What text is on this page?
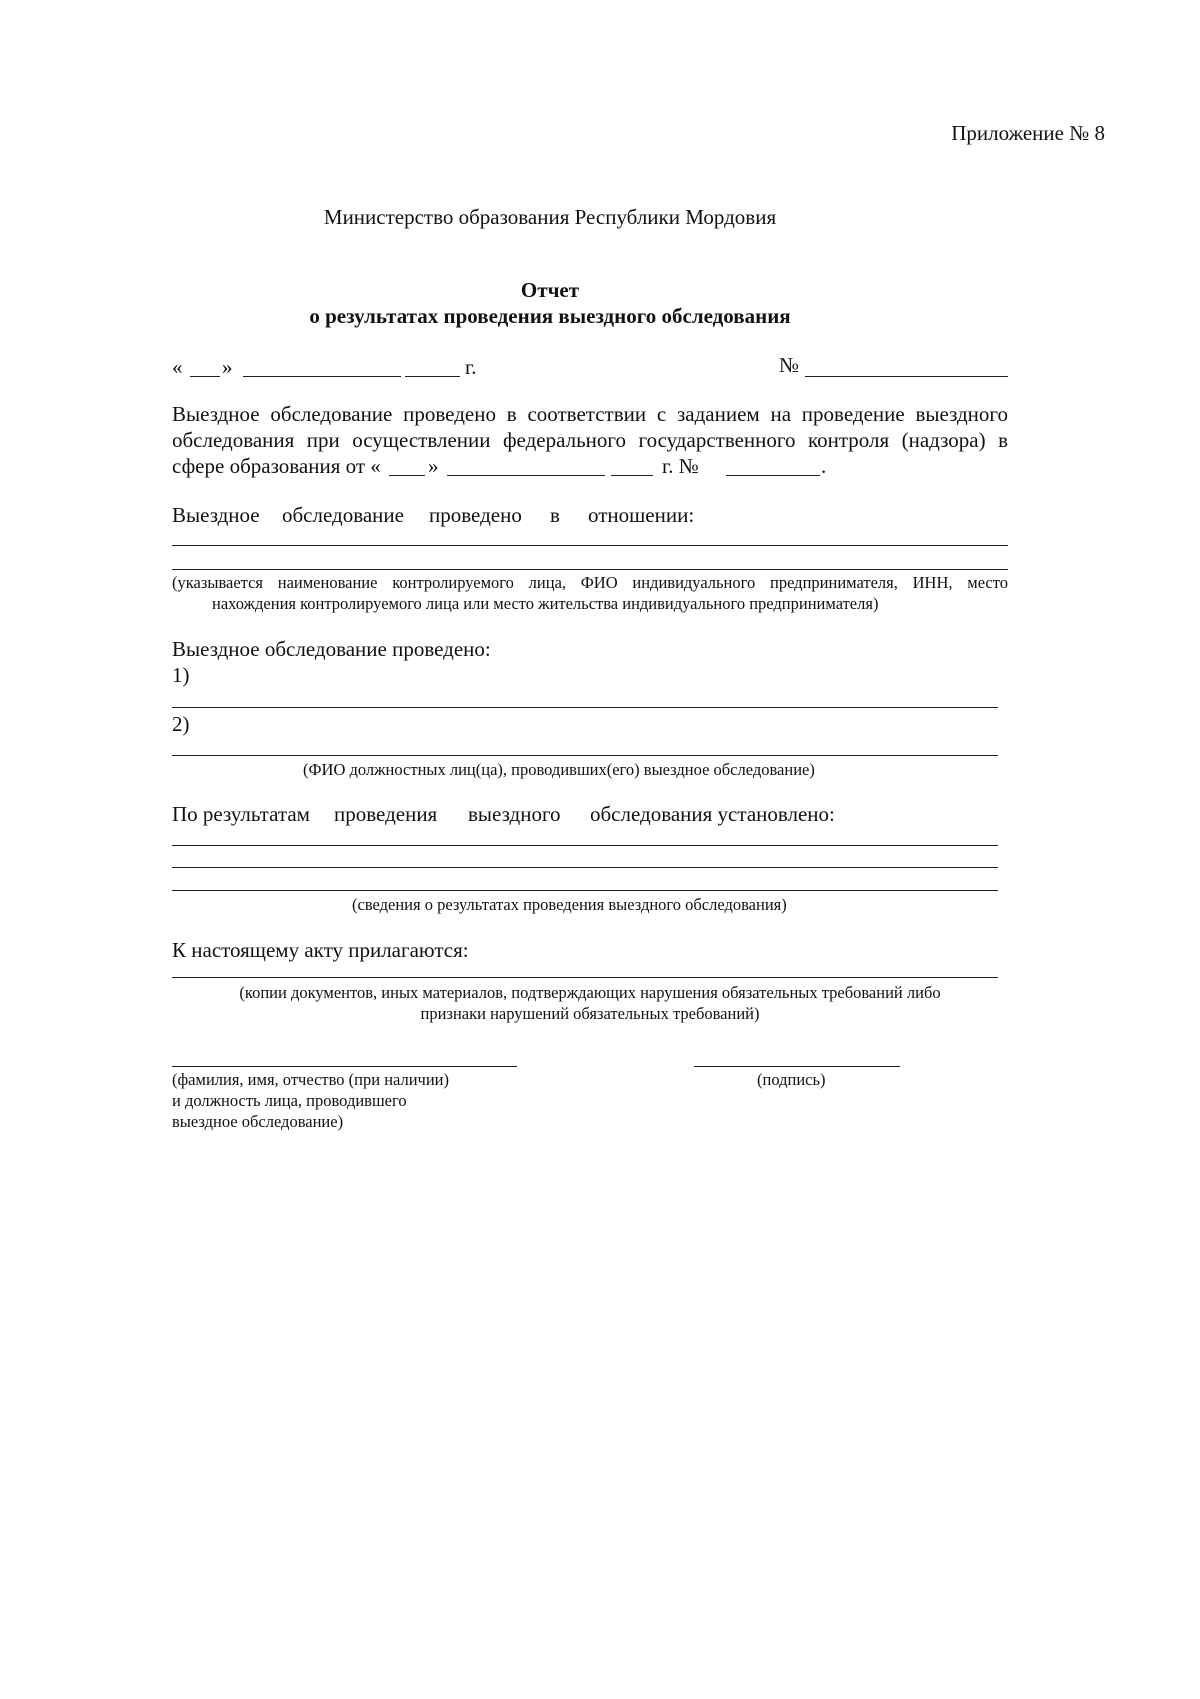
Приложение № 8
Министерство образования Республики Мордовия
Отчет
о результатах проведения выездного обследования
« »	г.	№
Выездное обследование проведено в соответствии с заданием на проведение выездного
обследования при осуществлении федерального государственного контроля (надзора) в
сфере образования от « »	г. №	.
Выездное обследование проведено в отношении:
(указывается наименование контролируемого лица, ФИО индивидуального предпринимателя, ИНН, место
нахождения контролируемого лица или место жительства индивидуального предпринимателя)
Выездное обследование проведено:
1)
2)
(ФИО должностных лиц(ца), проводивших(его) выездное обследование)
По результатам проведения выездного обследования установлено:
(сведения о результатах проведения выездного обследования)
К настоящему акту прилагаются:
(копии документов, иных материалов, подтверждающих нарушения обязательных требований либо
признаки нарушений обязательных требований)
(фамилия, имя, отчество (при наличии)
и должность лица, проводившего
выездное обследование)
(подпись)
